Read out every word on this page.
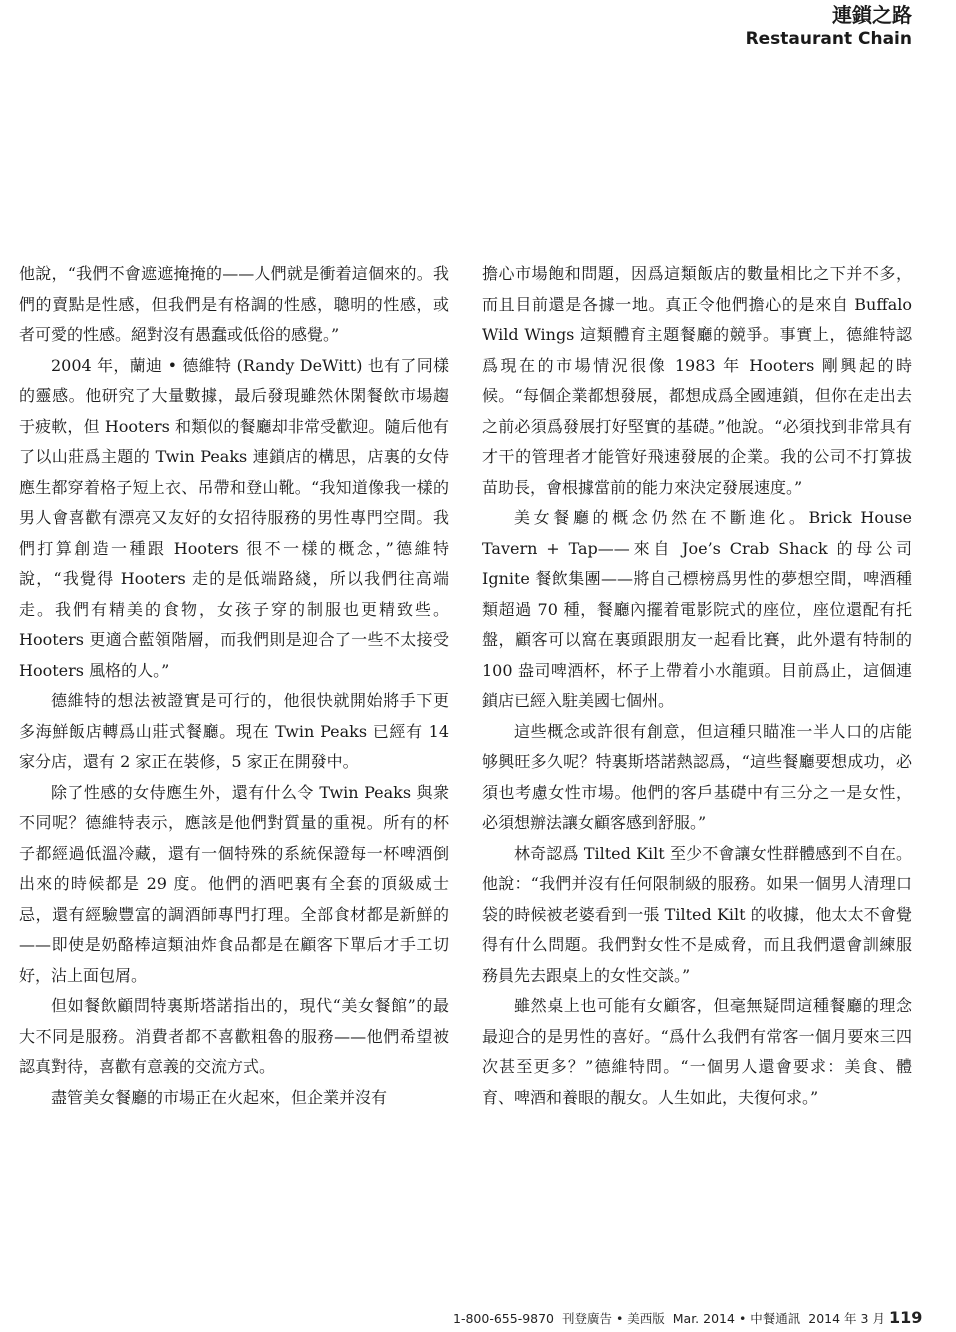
連鎖之路
Restaurant Chain

他說，“我們不會遮遮掩掩的——人們就是衝着這個來的。我們的賣點是性感，但我們是有格調的性感，聰明的性感，或者可愛的性感。絕對沒有愚蠢或低俗的感覺。”

2004 年，蘭迪 • 德維特 (Randy DeWitt) 也有了同樣的靈感。他研究了大量數據，最后發現雖然休閑餐飲市場趨于疲軟，但 Hooters 和類似的餐廳却非常受歡迎。隨后他有了以山莊爲主題的 Twin Peaks 連鎖店的構思，店裏的女侍應生都穿着格子短上衣、吊帶和登山靴。“我知道像我一樣的男人會喜歡有漂亮又友好的女招待服務的男性專門空間。我們打算創造一種跟 Hooters 很不一樣的概念，”德維特說，“我覺得 Hooters 走的是低端路綫，所以我們往高端走。我們有精美的食物，女孩子穿的制服也更精致些。Hooters 更適合藍領階層，而我們則是迎合了一些不太接受 Hooters 風格的人。”

德維特的想法被證實是可行的，他很快就開始將手下更多海鮮飯店轉爲山莊式餐廳。現在 Twin Peaks 已經有 14 家分店，還有 2 家正在裝修，5 家正在開發中。

除了性感的女侍應生外，還有什么令 Twin Peaks 與衆不同呢？德維特表示，應該是他們對質量的重視。所有的杯子都經過低溫冷藏，還有一個特殊的系統保證每一杯啤酒倒出來的時候都是 29 度。他們的酒吧裏有全套的頂級威士忌，還有經驗豐富的調酒師專門打理。全部食材都是新鮮的——即使是奶酪棒這類油炸食品都是在顧客下單后才手工切好，沾上面包屑。

但如餐飲顧問特裏斯塔諾指出的，現代“美女餐館”的最大不同是服務。消費者都不喜歡粗魯的服務——他們希望被認真對待，喜歡有意義的交流方式。

盡管美女餐廳的市場正在火起來，但企業并沒有

擔心市場飽和問題，因爲這類飯店的數量相比之下并不多，而且目前還是各據一地。真正令他們擔心的是來自 Buffalo Wild Wings 這類體育主題餐廳的競爭。事實上，德維特認爲現在的市場情況很像 1983 年 Hooters 剛興起的時候。“每個企業都想發展，都想成爲全國連鎖，但你在走出去之前必須爲發展打好堅實的基礎。”他說。“必須找到非常具有才干的管理者才能管好飛速發展的企業。我的公司不打算拔苗助長，會根據當前的能力來決定發展速度。”

美女餐廳的概念仍然在不斷進化。Brick House Tavern + Tap——來自 Joe’s Crab Shack 的母公司 Ignite 餐飲集團——將自己標榜爲男性的夢想空間，啤酒種類超過 70 種，餐廳內擺着電影院式的座位，座位還配有托盤，顧客可以窩在裏頭跟朋友一起看比賽，此外還有特制的 100 盎司啤酒杯，杯子上帶着小水龍頭。目前爲止，這個連鎖店已經入駐美國七個州。

這些概念或許很有創意，但這種只瞄准一半人口的店能够興旺多久呢？特裏斯塔諾熱認爲，“這些餐廳要想成功，必須也考慮女性市場。他們的客戶基礎中有三分之一是女性，必須想辦法讓女顧客感到舒服。”

林奇認爲 Tilted Kilt 至少不會讓女性群體感到不自在。他說：“我們并沒有任何限制級的服務。如果一個男人清理口袋的時候被老婆看到一張 Tilted Kilt 的收據，他太太不會覺得有什么問題。我們對女性不是威脅，而且我們還會訓練服務員先去跟桌上的女性交談。”

雖然桌上也可能有女顧客，但毫無疑問這種餐廳的理念最迎合的是男性的喜好。“爲什么我們有常客一個月要來三四次甚至更多？”德維特問。“一個男人還會要求：美食、體育、啤酒和養眼的靚女。人生如此，夫復何求。”

1-800-655-9870 刊登廣告 • 美西版 Mar. 2014 • 中餐通訊 2014 年 3 月 119
